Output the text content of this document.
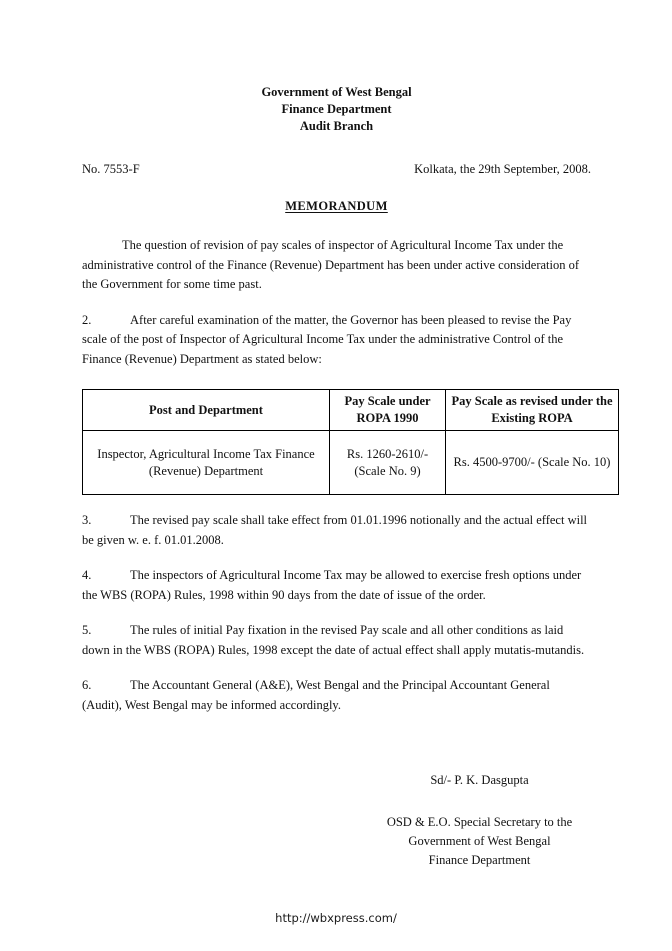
Government of West Bengal
Finance Department
Audit Branch
No. 7553-F	Kolkata, the 29th September, 2008.
MEMORANDUM

The question of revision of pay scales of inspector of Agricultural Income Tax under the administrative control of the Finance (Revenue) Department has been under active consideration of the Government for some time past.

2.	After careful examination of the matter, the Governor has been pleased to revise the Pay scale of the post of Inspector of Agricultural Income Tax under the administrative Control of the Finance (Revenue) Department as stated below:

Post and Department	Pay Scale under ROPA 1990	Pay Scale as revised under the Existing ROPA
Inspector, Agricultural Income Tax Finance (Revenue) Department	Rs. 1260-2610/- (Scale No. 9)	Rs. 4500-9700/- (Scale No. 10)

3.	The revised pay scale shall take effect from 01.01.1996 notionally and the actual effect will be given w. e. f. 01.01.2008.

4.	The inspectors of Agricultural Income Tax may be allowed to exercise fresh options under the WBS (ROPA) Rules, 1998 within 90 days from the date of issue of the order.

5.	The rules of initial Pay fixation in the revised Pay scale and all other conditions as laid down in the WBS (ROPA) Rules, 1998 except the date of actual effect shall apply mutatis-mutandis.

6.	The Accountant General (A&E), West Bengal and the Principal Accountant General (Audit), West Bengal may be informed accordingly.

Sd/- P. K. Dasgupta
OSD & E.O. Special Secretary to the
Government of West Bengal
Finance Department
http://wbxpress.com/
